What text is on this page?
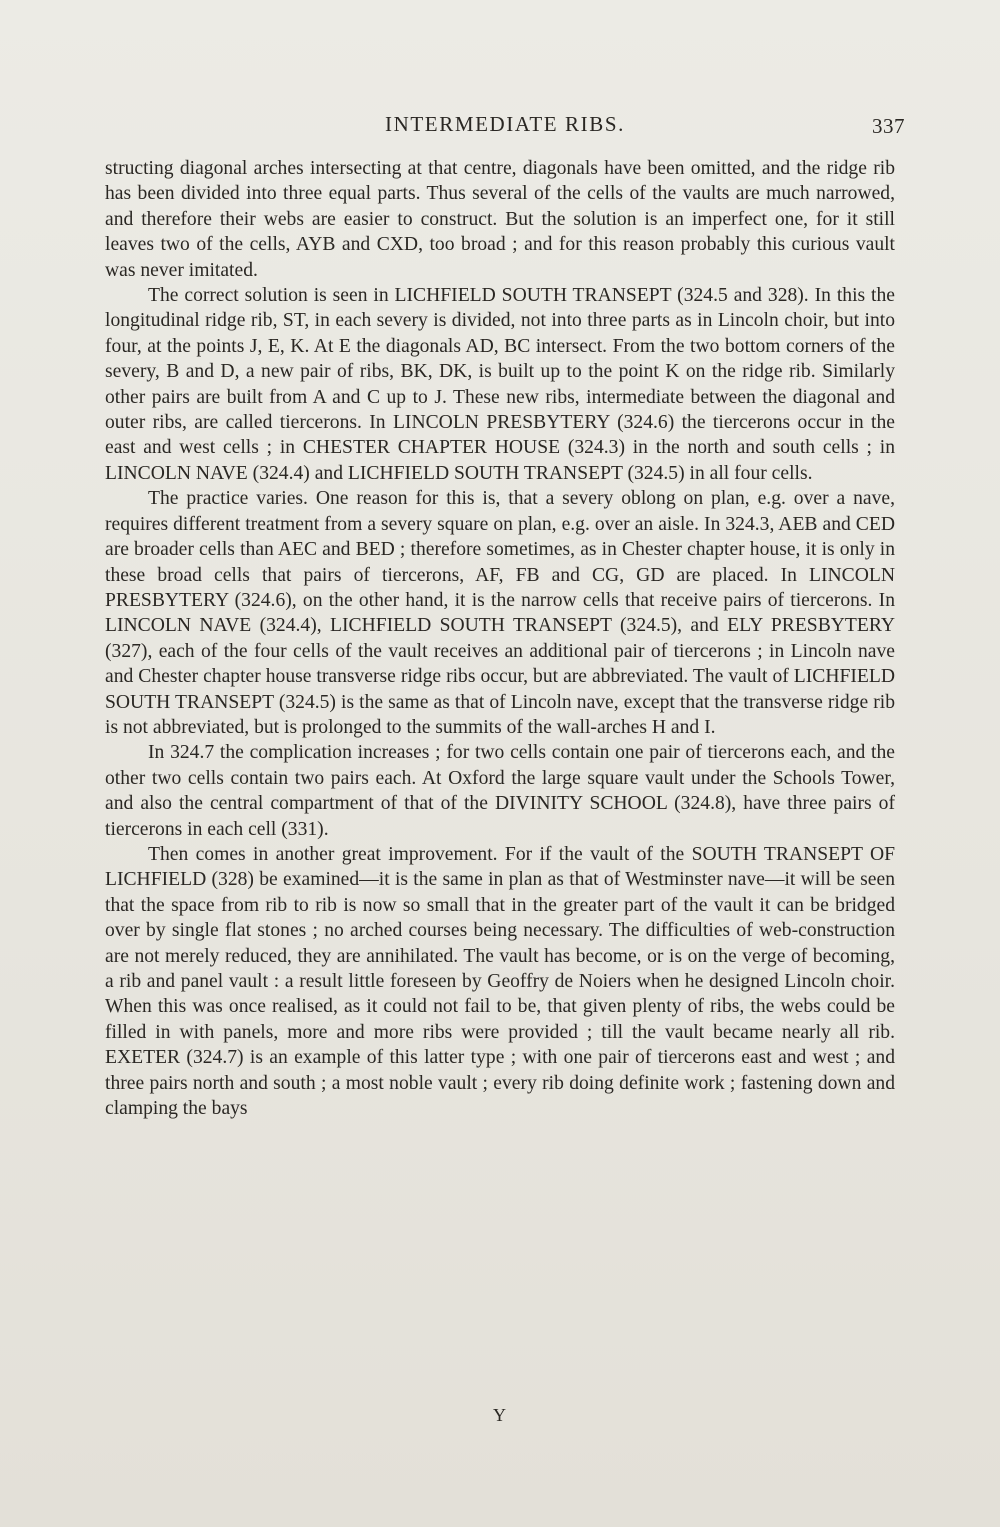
INTERMEDIATE RIBS.	337

structing diagonal arches intersecting at that centre, diagonals have been omitted, and the ridge rib has been divided into three equal parts. Thus several of the cells of the vaults are much narrowed, and therefore their webs are easier to construct. But the solution is an imperfect one, for it still leaves two of the cells, AYB and CXD, too broad ; and for this reason probably this curious vault was never imitated.

The correct solution is seen in LICHFIELD SOUTH TRANSEPT (324.5 and 328). In this the longitudinal ridge rib, ST, in each severy is divided, not into three parts as in Lincoln choir, but into four, at the points J, E, K. At E the diagonals AD, BC intersect. From the two bottom corners of the severy, B and D, a new pair of ribs, BK, DK, is built up to the point K on the ridge rib. Similarly other pairs are built from A and C up to J. These new ribs, intermediate between the diagonal and outer ribs, are called tiercerons. In LINCOLN PRESBYTERY (324.6) the tiercerons occur in the east and west cells ; in CHESTER CHAPTER HOUSE (324.3) in the north and south cells ; in LINCOLN NAVE (324.4) and LICHFIELD SOUTH TRANSEPT (324.5) in all four cells.

The practice varies. One reason for this is, that a severy oblong on plan, e.g. over a nave, requires different treatment from a severy square on plan, e.g. over an aisle. In 324.3, AEB and CED are broader cells than AEC and BED ; therefore sometimes, as in Chester chapter house, it is only in these broad cells that pairs of tiercerons, AF, FB and CG, GD are placed. In LINCOLN PRESBYTERY (324.6), on the other hand, it is the narrow cells that receive pairs of tiercerons. In LINCOLN NAVE (324.4), LICHFIELD SOUTH TRANSEPT (324.5), and ELY PRESBYTERY (327), each of the four cells of the vault receives an additional pair of tiercerons ; in Lincoln nave and Chester chapter house transverse ridge ribs occur, but are abbreviated. The vault of LICHFIELD SOUTH TRANSEPT (324.5) is the same as that of Lincoln nave, except that the transverse ridge rib is not abbreviated, but is prolonged to the summits of the wall-arches H and I.

In 324.7 the complication increases ; for two cells contain one pair of tiercerons each, and the other two cells contain two pairs each. At Oxford the large square vault under the Schools Tower, and also the central compartment of that of the DIVINITY SCHOOL (324.8), have three pairs of tiercerons in each cell (331).

Then comes in another great improvement. For if the vault of the SOUTH TRANSEPT OF LICHFIELD (328) be examined—it is the same in plan as that of Westminster nave—it will be seen that the space from rib to rib is now so small that in the greater part of the vault it can be bridged over by single flat stones ; no arched courses being necessary. The difficulties of web-construction are not merely reduced, they are annihilated. The vault has become, or is on the verge of becoming, a rib and panel vault : a result little foreseen by Geoffry de Noiers when he designed Lincoln choir. When this was once realised, as it could not fail to be, that given plenty of ribs, the webs could be filled in with panels, more and more ribs were provided ; till the vault became nearly all rib. EXETER (324.7) is an example of this latter type ; with one pair of tiercerons east and west ; and three pairs north and south ; a most noble vault ; every rib doing definite work ; fastening down and clamping the bays

Y
